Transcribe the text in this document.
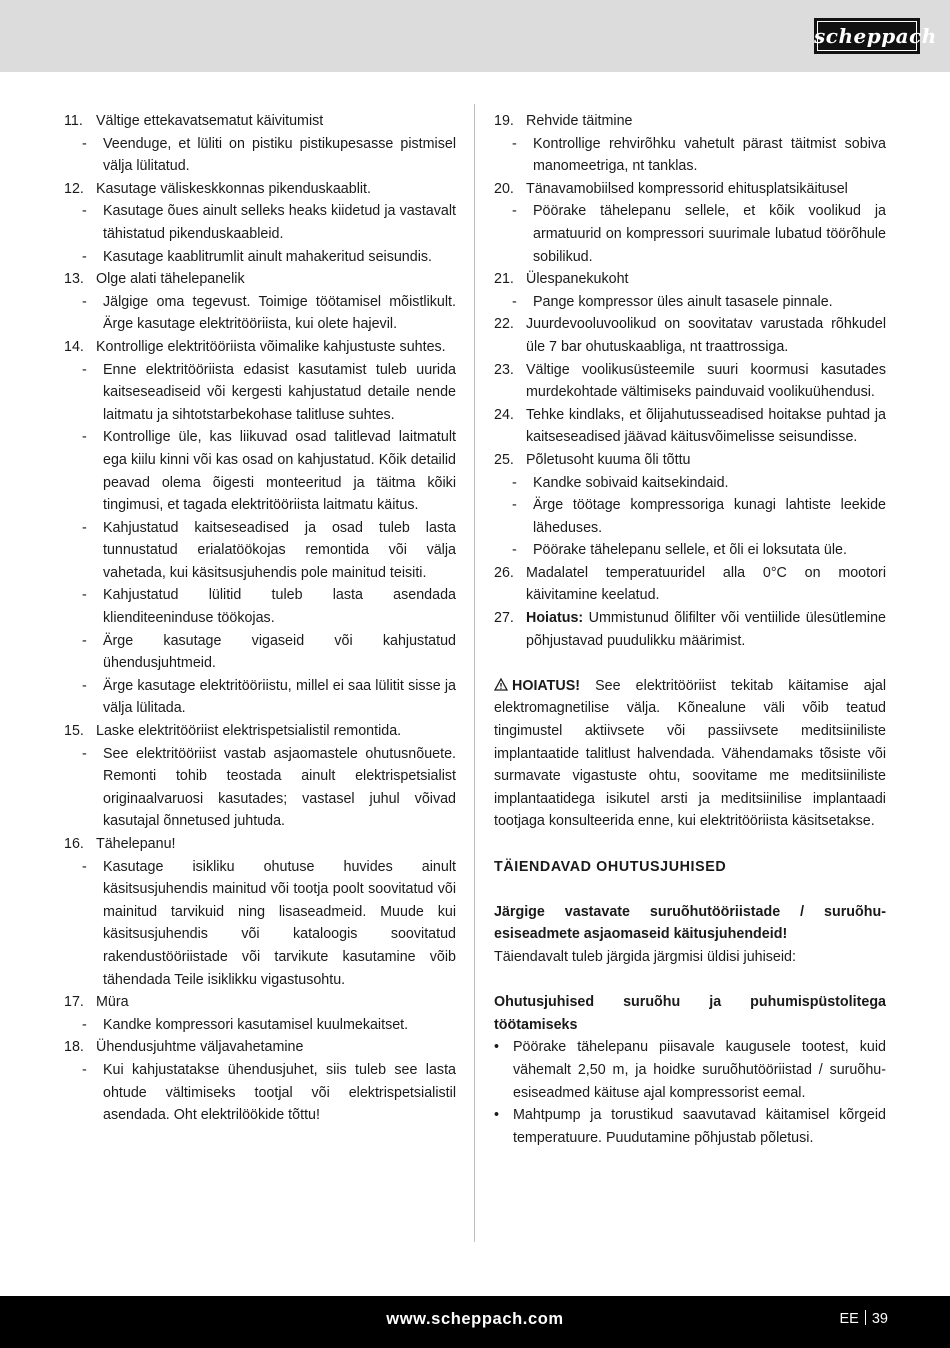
scheppach
11. Vältige ettekavatsematut käivitumist
-	Veenduge, et lüliti on pistiku pistikupesasse pistmisel välja lülitatud.
12. Kasutage väliskeskkonnas pikenduskaablit.
-	Kasutage õues ainult selleks heaks kiidetud ja vastavalt tähistatud pikenduskaableid.
-	Kasutage kaablitrumlit ainult mahakeritud seisundis.
13. Olge alati tähelepanelik
-	Jälgige oma tegevust. Toimige töötamisel mõistlikult. Ärge kasutage elektritööriista, kui olete hajevil.
14. Kontrollige elektritööriista võimalike kahjustuste suhtes.
-	Enne elektritööriista edasist kasutamist tuleb uurida kaitseseadiseid või kergesti kahjustatud detaile nende laitmatu ja sihtotstarbekohase talitluse suhtes.
-	Kontrollige üle, kas liikuvad osad talitlevad laitmatult ega kiilu kinni või kas osad on kahjustatud. Kõik detailid peavad olema õigesti monteeritud ja täitma kõiki tingimusi, et tagada elektritööriista laitmatu käitus.
-	Kahjustatud kaitseseadised ja osad tuleb lasta tunnustatud erialatöökojas remontida või välja vahetada, kui käsitsusjuhendis pole mainitud teisiti.
-	Kahjustatud lülitid tuleb lasta asendada klienditeeninduse töökojas.
-	Ärge kasutage vigaseid või kahjustatud ühendusjuhtmeid.
-	Ärge kasutage elektritööriistu, millel ei saa lülitit sisse ja välja lülitada.
15. Laske elektritööriist elektrispetsialistil remontida.
-	See elektritööriist vastab asjaomastele ohutusnõuete. Remonti tohib teostada ainult elektrispetsialist originaalvaruosi kasutades; vastasel juhul võivad kasutajal õnnetused juhtuda.
16. Tähelepanu!
-	Kasutage isikliku ohutuse huvides ainult käsitsusjuhendis mainitud või tootja poolt soovitatud või mainitud tarvikuid ning lisaseadmeid. Muude kui käsitsusjuhendis või kataloogis soovitatud rakendustööriistade või tarvikute kasutamine võib tähendada Teile isiklikku vigastusohtu.
17. Müra
-	Kandke kompressori kasutamisel kuulmekaitset.
18. Ühendusjuhtme väljavahetamine
-	Kui kahjustatakse ühendusjuhet, siis tuleb see lasta ohtude vältimiseks tootjal või elektrispetsialistil asendada. Oht elektrilöökide tõttu!
19. Rehvide täitmine
-	Kontrollige rehvirõhku vahetult pärast täitmist sobiva manomeetriga, nt tanklas.
20. Tänavamobiilsed kompressorid ehitusplatsikäitusel
-	Pöörake tähelepanu sellele, et kõik voolikud ja armatuurid on kompressori suurimale lubatud töörõhule sobilikud.
21. Ülespanekukoht
-	Pange kompressor üles ainult tasasele pinnale.
22. Juurdevooluvoolikud on soovitatav varustada rõhkudel üle 7 bar ohutuskaabliga, nt traattrossiga.
23. Vältige voolikusüsteemile suuri koormusi kasutades murdekohtade vältimiseks painduvaid voolikuühendusi.
24. Tehke kindlaks, et õlijahutusseadised hoitakse puhtad ja kaitseseadised jäävad käitusvõimelisse seisundisse.
25. Põletusoht kuuma õli tõttu
-	Kandke sobivaid kaitsekindaid.
-	Ärge töötage kompressoriga kunagi lahtiste leekide läheduses.
-	Pöörake tähelepanu sellele, et õli ei loksutata üle.
26. Madalatel temperatuuridel alla 0°C on mootori käivitamine keelatud.
27. Hoiatus: Ummistunud õlifilter või ventiilide ülesütlemine põhjustavad puudulikku määrimist.
HOIATUS! See elektritööriist tekitab käitamise ajal elektromagnetilise välja. Kõnealune väli võib teatud tingimustel aktiivsete või passiivsete meditsiiniliste implantaatide talitlust halvendada. Vähendamaks tõsiste või surmavate vigastuste ohtu, soovitame me meditsiiniliste implantaatidega isikutel arsti ja meditsiinilise implantaadi tootjaga konsulteerida enne, kui elektritööriista käsitsetakse.
TÄIENDAVAD OHUTUSJUHISED
Järgige vastavate suruõhutööriistade / suruõhu-esiseadmete asjaomaseid käitusjuhendeid!
Täiendavalt tuleb järgida järgmisi üldisi juhiseid:
Ohutusjuhised suruõhu ja puhumispüstolitega töötamiseks
• Pöörake tähelepanu piisavale kaugusele tootest, kuid vähemalt 2,50 m, ja hoidke suruõhutööriistad / suruõhu-esiseadmed käituse ajal kompressorist eemal.
• Mahtpump ja torustikud saavutavad käitamisel kõrgeid temperatuure. Puudutamine põhjustab põletusi.
www.scheppach.com	EE 39
